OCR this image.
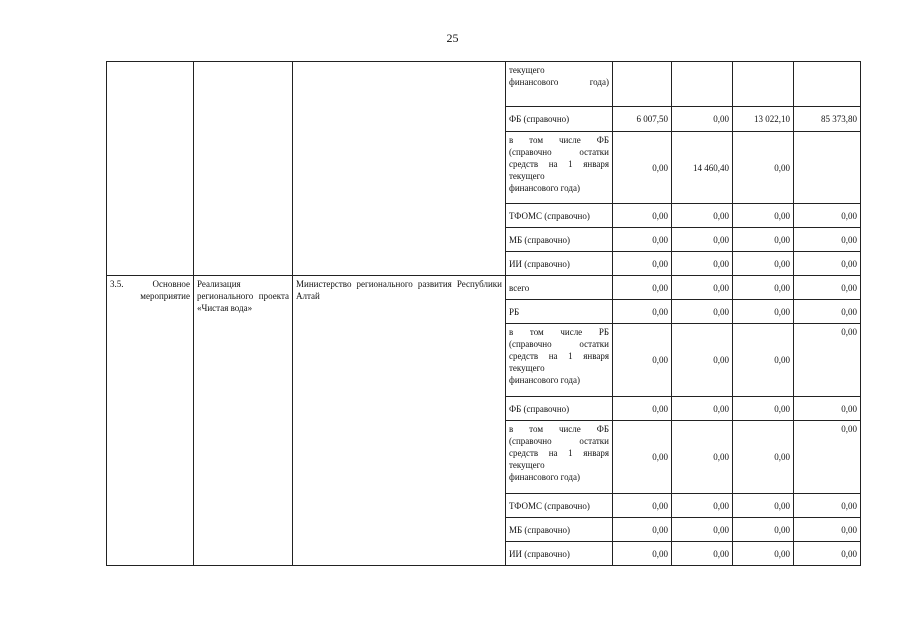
25

			текущего
финансового года)				

			ФБ (справочно)	6 007,50	0,00	13 022,10	85 373,80

			в том числе ФБ
(справочно остатки
средств на 1 января
текущего
финансового года)	0,00	14 460,40	0,00	

			ТФОМС (справочно)	0,00	0,00	0,00	0,00

			МБ (справочно)	0,00	0,00	0,00	0,00

			ИИ (справочно)	0,00	0,00	0,00	0,00

3.5. Основное мероприятие	Реализация регионального проекта «Чистая вода»	Министерство регионального развития Республики Алтай	всего	0,00	0,00	0,00	0,00

			РБ	0,00	0,00	0,00	0,00

			в том числе РБ
(справочно остатки
средств на 1 января
текущего
финансового года)	0,00	0,00	0,00	0,00

			ФБ (справочно)	0,00	0,00	0,00	0,00

			в том числе ФБ
(справочно остатки
средств на 1 января
текущего
финансового года)	0,00	0,00	0,00	0,00

			ТФОМС (справочно)	0,00	0,00	0,00	0,00

			МБ (справочно)	0,00	0,00	0,00	0,00

			ИИ (справочно)	0,00	0,00	0,00	0,00
